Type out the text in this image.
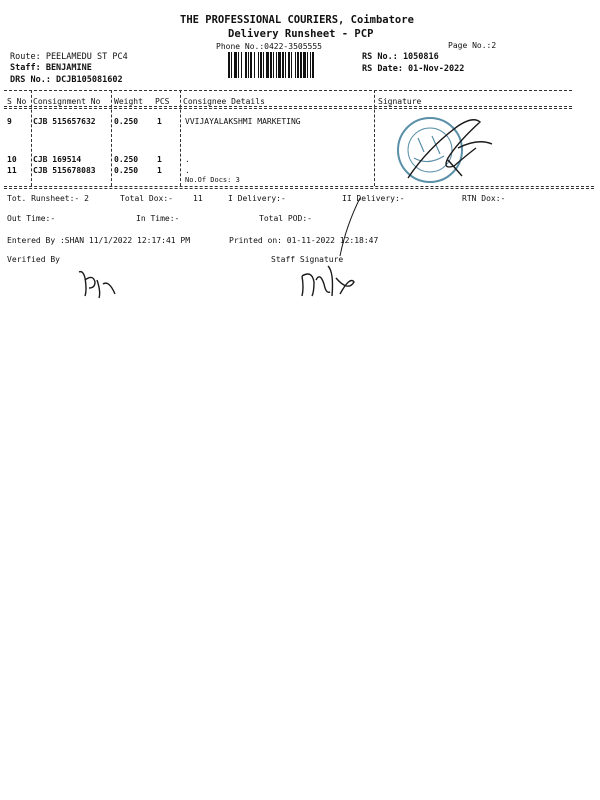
THE PROFESSIONAL COURIERS, Coimbatore
Delivery Runsheet - PCP
Phone No.:0422-3505555	Page No.:2
Route: PEELAMEDU ST PC4
Staff: BENJAMINE
DRS No.: DCJB105081602
RS No.: 1050816
RS Date: 01-Nov-2022
S No Consignment No Weight PCS Consignee Details	Signature
9	CJB 515657632 0.250 1	VVIJAYALAKSHMI MARKETING
10 CJB 169514	0.250 1	.
11 CJB 515678083 0.250 1	.
No.Of Docs: 3
Tot. Runsheet:- 2	Total Dox:-	11	I Delivery:-	II Delivery:-	RTN Dox:-
Out Time:-	In Time:-	Total POD:-
Entered By :SHAN 11/1/2022 12:17:41 PM	Printed on: 01-11-2022 12:18:47
Verified By	Staff Signature
